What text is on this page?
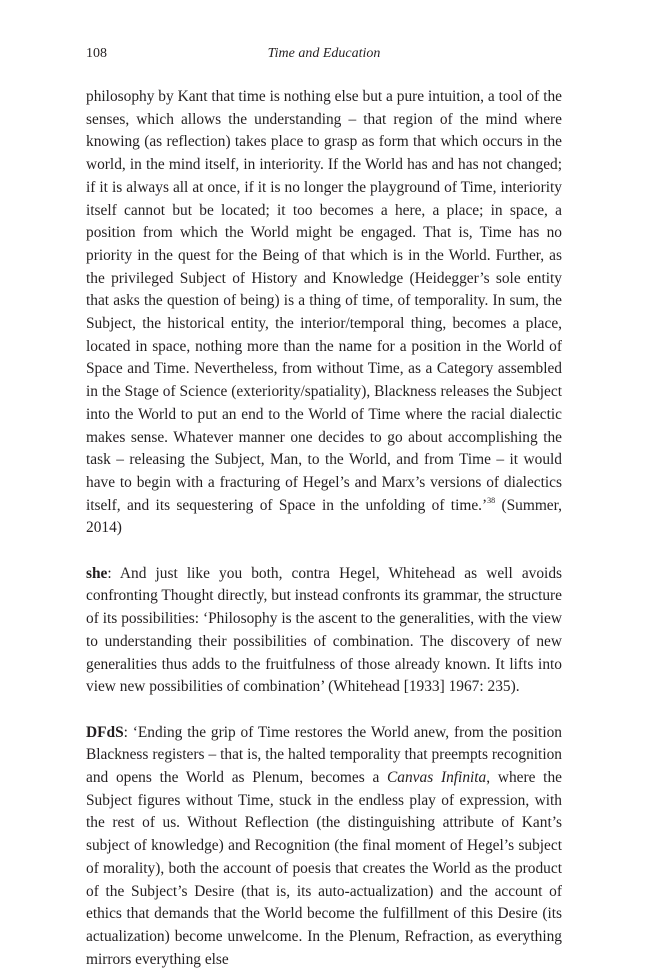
108	Time and Education

philosophy by Kant that time is nothing else but a pure intuition, a tool of the senses, which allows the understanding – that region of the mind where knowing (as reflection) takes place to grasp as form that which occurs in the world, in the mind itself, in interiority. If the World has and has not changed; if it is always all at once, if it is no longer the playground of Time, interiority itself cannot but be located; it too becomes a here, a place; in space, a position from which the World might be engaged. That is, Time has no priority in the quest for the Being of that which is in the World. Further, as the privileged Subject of History and Knowledge (Heidegger’s sole entity that asks the question of being) is a thing of time, of temporality. In sum, the Subject, the historical entity, the interior/temporal thing, becomes a place, located in space, nothing more than the name for a position in the World of Space and Time. Nevertheless, from without Time, as a Category assembled in the Stage of Science (exteriority/spatiality), Blackness releases the Subject into the World to put an end to the World of Time where the racial dialectic makes sense. Whatever manner one decides to go about accomplishing the task – releasing the Subject, Man, to the World, and from Time – it would have to begin with a fracturing of Hegel’s and Marx’s versions of dialectics itself, and its sequestering of Space in the unfolding of time.’$^{38}$ (Summer, 2014)

she: And just like you both, contra Hegel, Whitehead as well avoids confronting Thought directly, but instead confronts its grammar, the structure of its possibilities: ‘Philosophy is the ascent to the generalities, with the view to understanding their possibilities of combination. The discovery of new generalities thus adds to the fruitfulness of those already known. It lifts into view new possibilities of combination’ (Whitehead [1933] 1967: 235).

DFdS: ‘Ending the grip of Time restores the World anew, from the position Blackness registers – that is, the halted temporality that preempts recognition and opens the World as Plenum, becomes a Canvas Infinita, where the Subject figures without Time, stuck in the endless play of expression, with the rest of us. Without Reflection (the distinguishing attribute of Kant’s subject of knowledge) and Recognition (the final moment of Hegel’s subject of morality), both the account of poesis that creates the World as the product of the Subject’s Desire (that is, its auto-actualization) and the account of ethics that demands that the World become the fulfillment of this Desire (its actualization) become unwelcome. In the Plenum, Refraction, as everything mirrors everything else
